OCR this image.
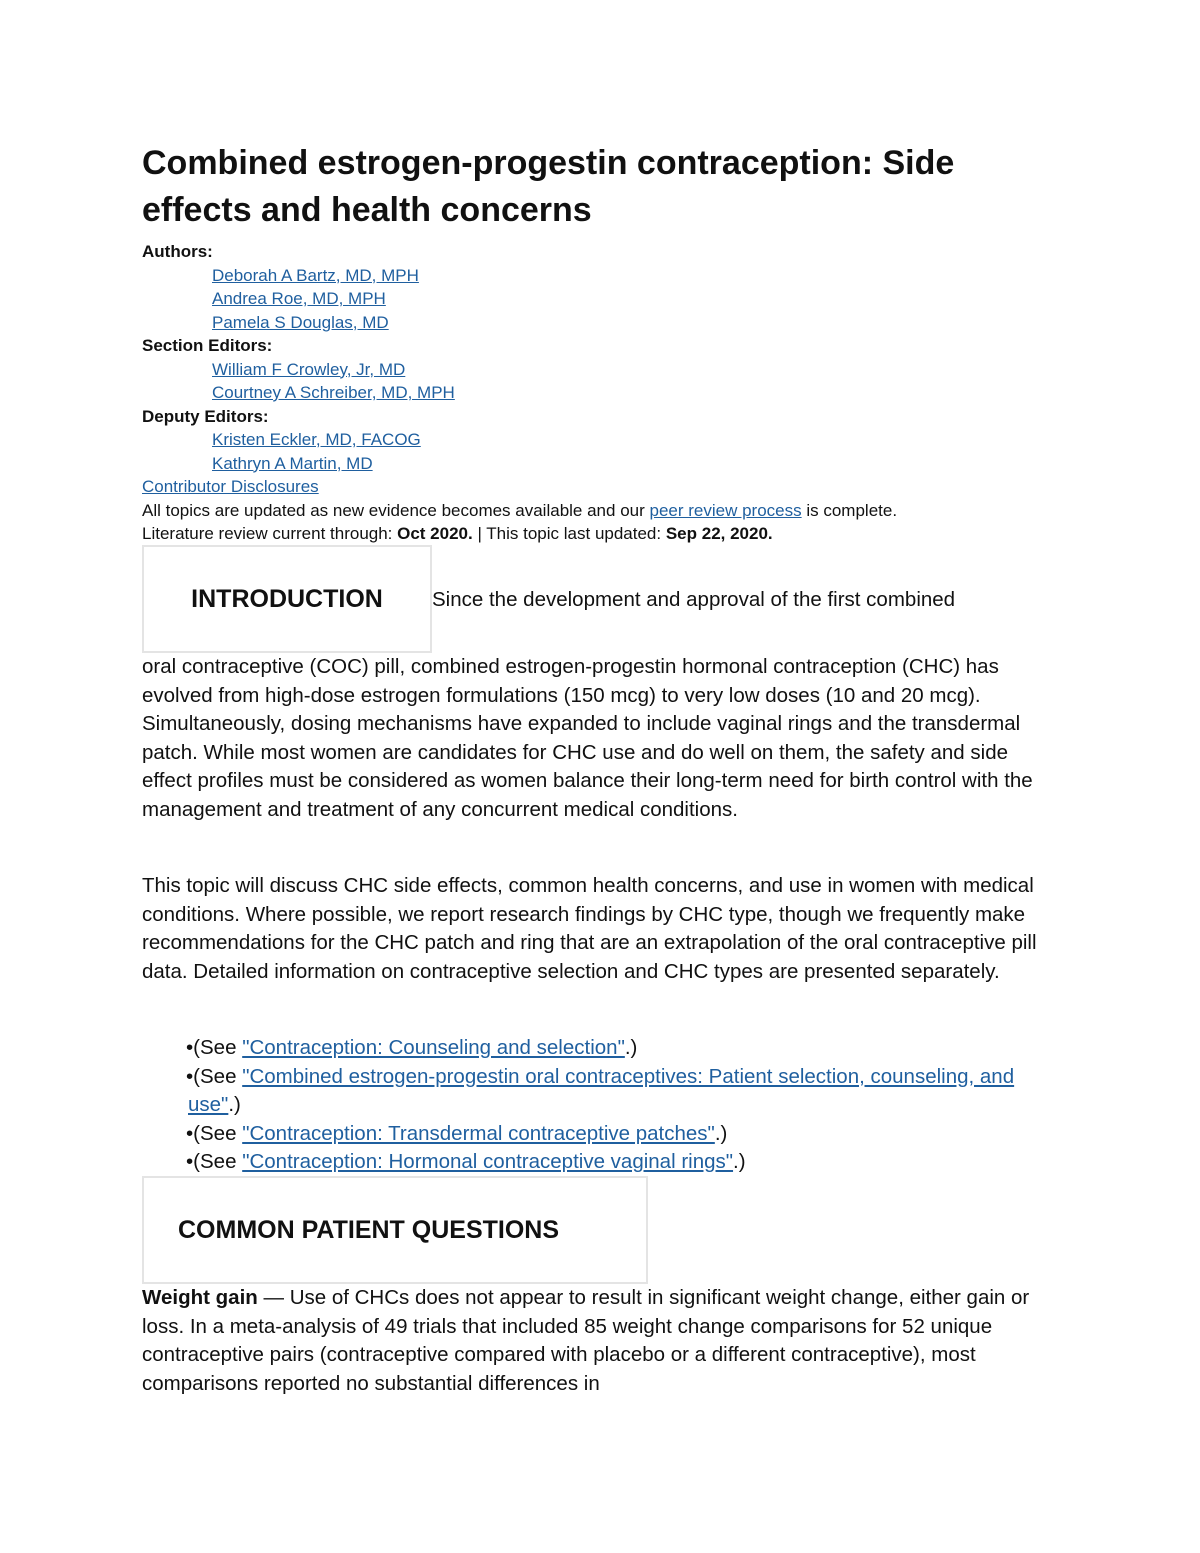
Combined estrogen-progestin contraception: Side effects and health concerns
Authors:
Deborah A Bartz, MD, MPH
Andrea Roe, MD, MPH
Pamela S Douglas, MD
Section Editors:
William F Crowley, Jr, MD
Courtney A Schreiber, MD, MPH
Deputy Editors:
Kristen Eckler, MD, FACOG
Kathryn A Martin, MD
Contributor Disclosures
All topics are updated as new evidence becomes available and our peer review process is complete.
Literature review current through: Oct 2020. | This topic last updated: Sep 22, 2020.
INTRODUCTION	Since the development and approval of the first combined

oral contraceptive (COC) pill, combined estrogen-progestin hormonal contraception (CHC) has evolved from high-dose estrogen formulations (150 mcg) to very low doses (10 and 20 mcg). Simultaneously, dosing mechanisms have expanded to include vaginal rings and the transdermal patch. While most women are candidates for CHC use and do well on them, the safety and side effect profiles must be considered as women balance their long-term need for birth control with the management and treatment of any concurrent medical conditions.

This topic will discuss CHC side effects, common health concerns, and use in women with medical conditions. Where possible, we report research findings by CHC type, though we frequently make recommendations for the CHC patch and ring that are an extrapolation of the oral contraceptive pill data. Detailed information on contraceptive selection and CHC types are presented separately.

•(See "Contraception: Counseling and selection".)
•(See "Combined estrogen-progestin oral contraceptives: Patient selection, counseling, and use".)
•(See "Contraception: Transdermal contraceptive patches".)
•(See "Contraception: Hormonal contraceptive vaginal rings".)
COMMON PATIENT QUESTIONS

Weight gain — Use of CHCs does not appear to result in significant weight change, either gain or loss. In a meta-analysis of 49 trials that included 85 weight change comparisons for 52 unique contraceptive pairs (contraceptive compared with placebo or a different contraceptive), most comparisons reported no substantial differences in
